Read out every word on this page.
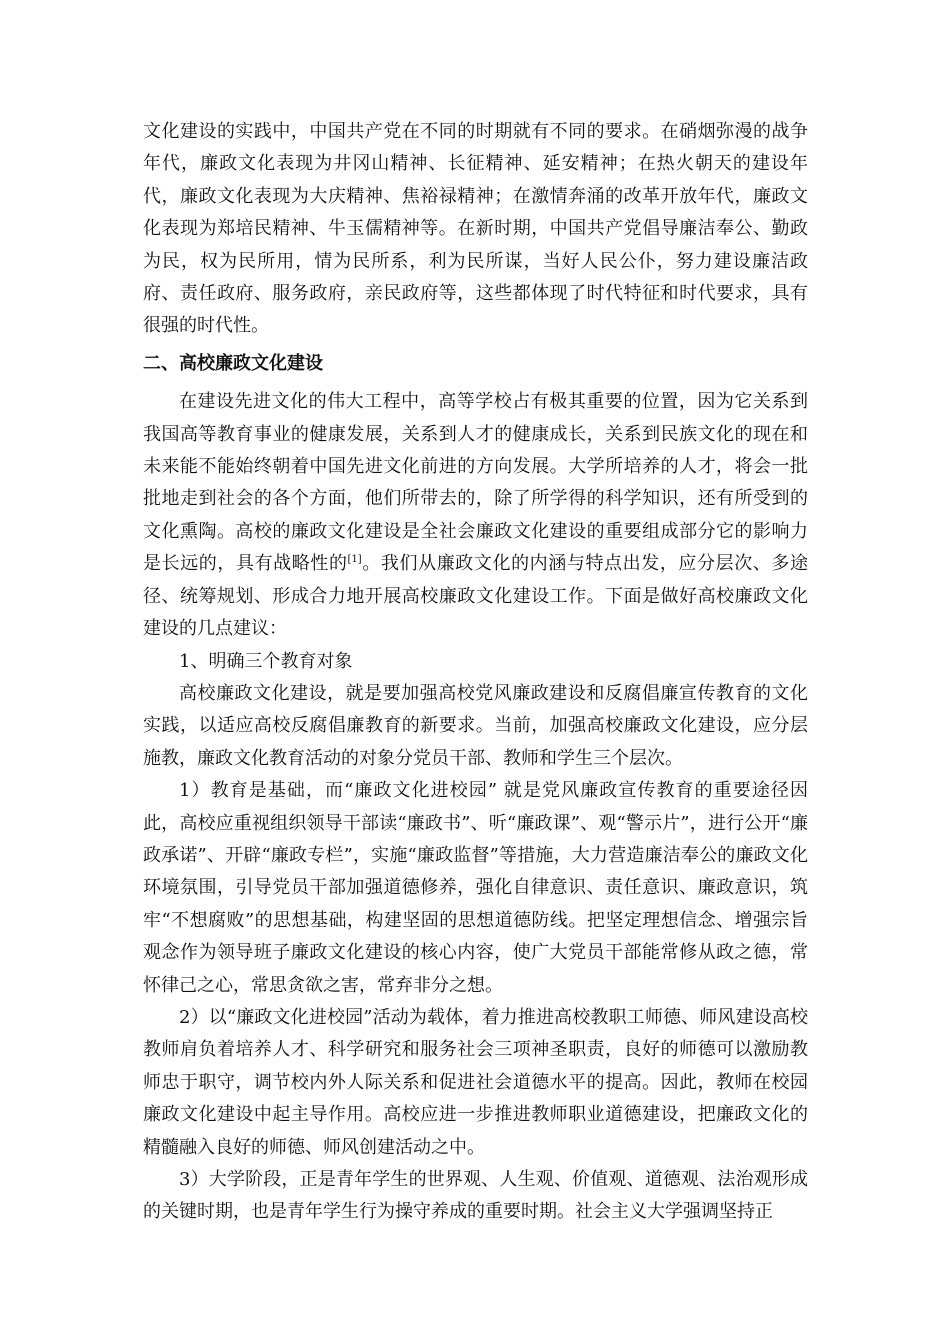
文化建设的实践中，中国共产党在不同的时期就有不同的要求。在硝烟弥漫的战争年代，廉政文化表现为井冈山精神、长征精神、延安精神；在热火朝天的建设年代，廉政文化表现为大庆精神、焦裕禄精神；在激情奔涌的改革开放年代，廉政文化表现为郑培民精神、牛玉儒精神等。在新时期，中国共产党倡导廉洁奉公、勤政为民，权为民所用，情为民所系，利为民所谋，当好人民公仆，努力建设廉洁政府、责任政府、服务政府，亲民政府等，这些都体现了时代特征和时代要求，具有很强的时代性。

二、高校廉政文化建设

在建设先进文化的伟大工程中，高等学校占有极其重要的位置，因为它关系到我国高等教育事业的健康发展，关系到人才的健康成长，关系到民族文化的现在和未来能不能始终朝着中国先进文化前进的方向发展。大学所培养的人才，将会一批批地走到社会的各个方面，他们所带去的，除了所学得的科学知识，还有所受到的文化熏陶。高校的廉政文化建设是全社会廉政文化建设的重要组成部分它的影响力是长远的，具有战略性的[1]。我们从廉政文化的内涵与特点出发，应分层次、多途径、统筹规划、形成合力地开展高校廉政文化建设工作。下面是做好高校廉政文化建设的几点建议：

1、明确三个教育对象

高校廉政文化建设，就是要加强高校党风廉政建设和反腐倡廉宣传教育的文化实践，以适应高校反腐倡廉教育的新要求。当前，加强高校廉政文化建设，应分层施教，廉政文化教育活动的对象分党员干部、教师和学生三个层次。

1）教育是基础，而“廉政文化进校园” 就是党风廉政宣传教育的重要途径因此，高校应重视组织领导干部读“廉政书”、听“廉政课”、观“警示片”，进行公开“廉政承诺”、开辟“廉政专栏”，实施“廉政监督”等措施，大力营造廉洁奉公的廉政文化环境氛围，引导党员干部加强道德修养，强化自律意识、责任意识、廉政意识，筑牢“不想腐败”的思想基础，构建坚固的思想道德防线。把坚定理想信念、增强宗旨观念作为领导班子廉政文化建设的核心内容，使广大党员干部能常修从政之德，常怀律己之心，常思贪欲之害，常弃非分之想。

2）以“廉政文化进校园”活动为载体，着力推进高校教职工师德、师风建设高校教师肩负着培养人才、科学研究和服务社会三项神圣职责，良好的师德可以激励教师忠于职守，调节校内外人际关系和促进社会道德水平的提高。因此，教师在校园廉政文化建设中起主导作用。高校应进一步推进教师职业道德建设，把廉政文化的精髓融入良好的师德、师风创建活动之中。

3）大学阶段，正是青年学生的世界观、人生观、价值观、道德观、法治观形成的关键时期，也是青年学生行为操守养成的重要时期。社会主义大学强调坚持正
